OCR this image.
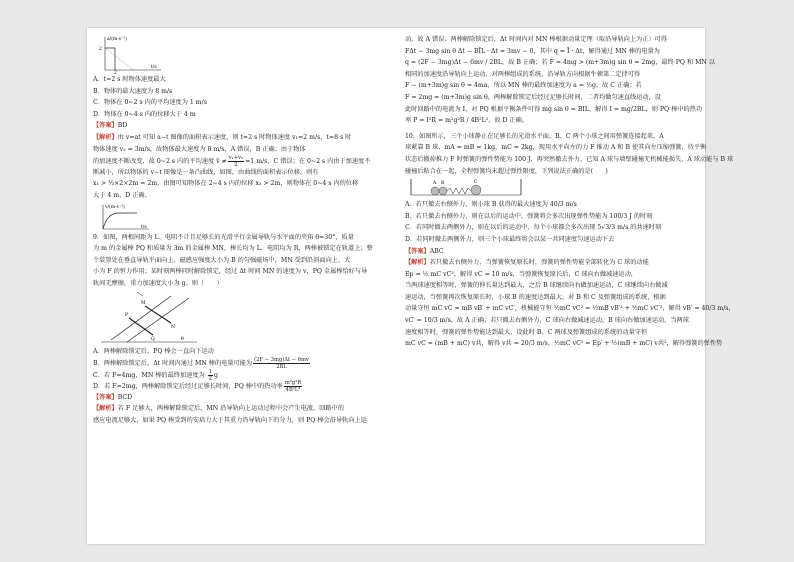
a/(m·s⁻²)
t/s
2
2
A．t=2 s 时物体速度最大
B．物体的最大速度为 8 m/s
C．物体在 0~2 s 内的平均速度为 1 m/s
D．物体在 0~4 s 内的位移大于 4 m
【答案】BD
【解析】由 v=at 可知 a−t 图像的面积表示速度，则 t=2 s 时物体速度 v₁=2 m/s，t=8 s 时
物体速度 v₂ = 3m/s，故物体最大速度为 8 m/s，A 错误，B 正确；由于物体
的加速度不断改变，故 0~2 s 内的平均速度 v̄ ≠ $\frac{\text{v₁+v₂}}{2} =1$ m/s，C 错误；在 0~2 s 内由于加速度不
断减小，所以物体的 v−t 图像是一条凸曲线，如图，由曲线的面积表示位移，则有
x₁ > ½×2×2m = 2m，由图可知物体在 2~4 s 内的位移 x₂ > 2m，则物体在 0~4 s 内的位移
大于 4 m，D 正确。
v/(m·s⁻¹)
t/s
9．如图，两根间距为 L、电阻不计且足够长的光滑平行金属导轨与水平面的夹角 θ=30°，质量
为 m 的金属棒 PQ 和质量为 3m 的金属棒 MN，棒长均为 L，电阻均为 R，两棒被锁定在轨道上；整
个装置处在垂直导轨平面向上、磁感应强度大小为 B 的匀强磁场中，MN 受到沿斜面向上、大
小为 F 的恒力作用；某时刻两棒同时解除锁定，经过 Δt 时间 MN 的速度为 v，PQ 金属棒恰好与导
轨间无摩擦，重力加速度大小为 g。则（　　）
P
Q
M
N
θ
A．两棒解除锁定后，PQ 棒会一直向下运动
B．两棒解除锁定后，Δt 时间内通过 MN 棒的电量可能为 $\frac{(2F - 3mg)\Delta t - 6mv}{2BL}$
C．若 F=4mg，MN 棒的最终加速度为 $\frac{1}{2}$ g
D．若 F=2mg，两棒解除锁定后经过足够长时间，PQ 棒中的热功率 $\frac{\text{m²g²R}}{\text{4B²L²}}$
【答案】BCD
【解析】若 F 足够大，两棒解除锁定后，MN 沿导轨向上运动过程中会产生电流，回路中的
感应电流足够大，如果 PQ 棒受到的安培力大于其重力沿导轨向下的分力，则 PQ 棒会沿导轨向上运
动，故 A 错误；两棒解除锁定后，Δt 时间内对 MN 棒根据动量定理（取沿导轨向上为正）可得
FΔt − 3mg sin θ Δt − BĪL · Δt = 3mv − 0，其中 q = Ī · Δt，解得通过 MN 棒的电量为
q = (2F − 3mg)Δt − 6mv / 2BL，故 B 正确；若 F = 4mg > (m+3m)g sin θ = 2mg，最终 PQ 和 MN 以
相同的加速度沿导轨向上运动，对两棒组成的系统，沿导轨方向根据牛顿第二定律可得
F − (m+3m)g sin θ = 4ma，所以 MN 棒的最终加速度为 a = ½g，故 C 正确；若
F = 2mg = (m+3m)g sin θ，两棒解除锁定后经过足够长时间，二者均做匀速直线运动，设
此时回路中的电流为 I，对 PQ 根据平衡条件可得 mg sin θ = BIL，解得 I = mg/2BL，则 PQ 棒中的热功
率 P = I²R = m²g²R / 4B²L²，故 D 正确。
10．如图所示，三个小球静止在足够长的光滑水平面，B、C 两个小球之间用弹簧连接起来，A
球紧靠 B 球，mA = mB = 1kg，mC = 2kg，现用水平向左的力 F 推动 A 和 B 使其向左压缩弹簧，待平衡
状态后撤掉推力 F 时弹簧的弹性势能为 100 J，再突然撤去外力，已知 A 球与墙壁碰撞无机械能损失，A 球动能与 B 球
碰撞后粘合在一起，全程弹簧均未超过弹性限度，下列说法正确的是(　　)
A B	C
A．若只撤去右侧外力，则小球 B 获得的最大速度为 40/3 m/s
B．若只撤去右侧外力，则在以后的运动中，弹簧将会多次出现弹性势能为 100/3 J 的时刻
C．若同时撤去两侧外力，则在以后的运动中，每个小球都会多次出现 5√3/3 m/s 的共速时刻
D．若同时撤去两侧外力，则三个小球最终将会以某一共同速度匀速运动下去
【答案】ABC
【解析】若只撤去右侧外力，当弹簧恢复原长时，弹簧的弹性势能全部转化为 C 球的动能
Ep = ½ mC vC²，解得 vC = 10 m/s，当弹簧恢复原长后，C 球向右做减速运动，
当两球速度相等时，弹簧的伸长量达到最大，之后 B 球继续向右做加速运动，C 球继续向右做减
速运动，当弹簧再次恢复原长时，小球 B 的速度达到最大，对 B 和 C 及弹簧组成的系统，根据
动量守恒 mC vC = mB vB′ + mC vC′，机械能守恒 ½mC vC² = ½mB vB′² + ½mC vC′²，解得 vB′ = 40/3 m/s，
vC′ = 10/3 m/s，故 A 正确；若只撤去右侧外力，C 球向右做减速运动，B 球向右做加速运动，当两球
速度相等时，弹簧的弹性势能达到最大，设此时 B、C 两球及弹簧组成的系统的动量守恒
mC vC = (mB + mC) v共，解得 v共 = 20/3 m/s，½mC vC² = Ep′ + ½(mB + mC) v共²，解得弹簧的弹性势
